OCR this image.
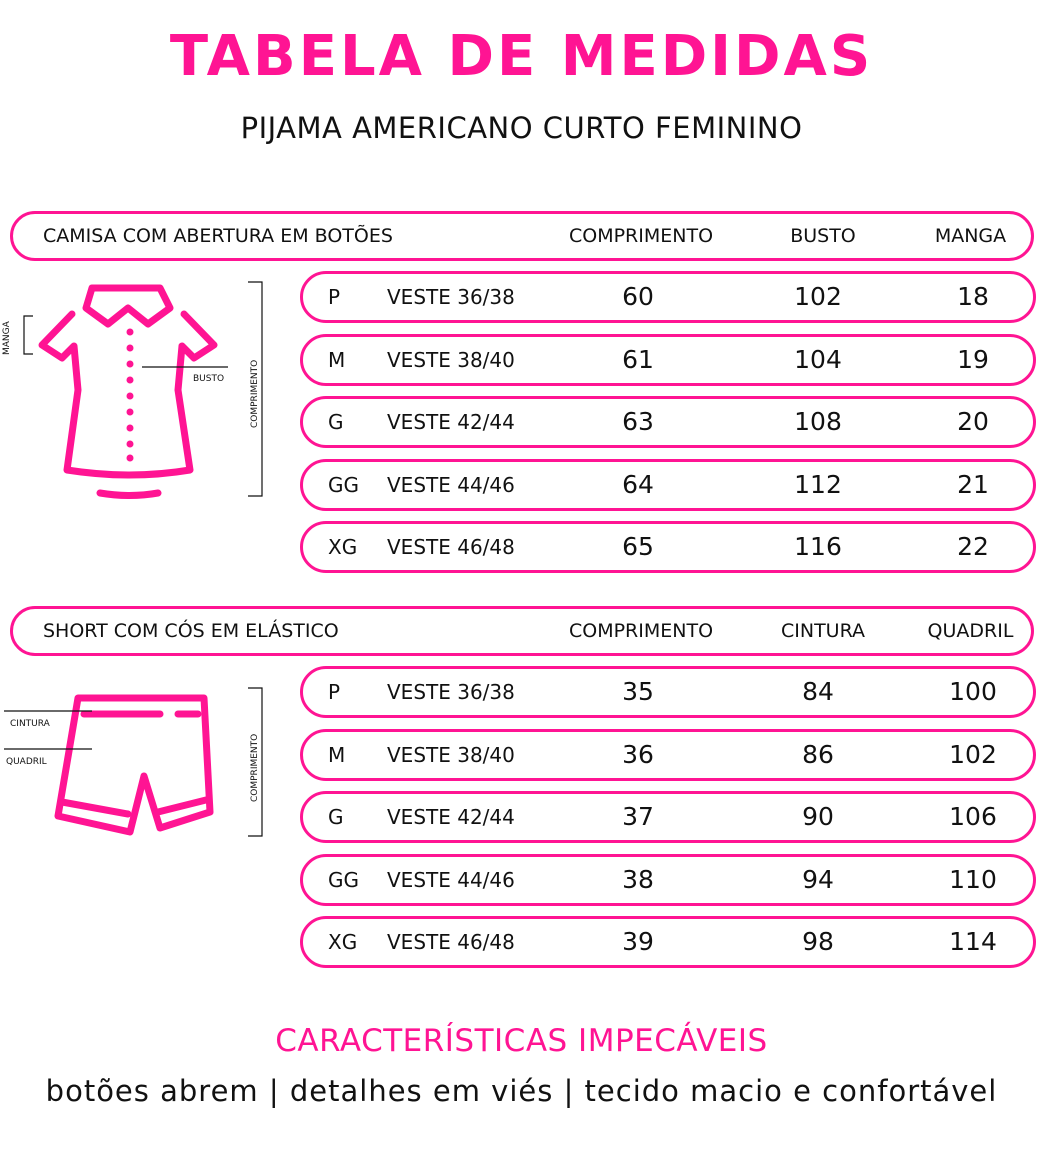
TABELA DE MEDIDAS
PIJAMA AMERICANO CURTO FEMININO
CAMISA COM ABERTURA EM BOTÕES	COMPRIMENTO	BUSTO	MANGA
MANGA
BUSTO	COMPRIMENTO
P VESTE 36/38	60	102	18
M VESTE 38/40	61	104	19
G VESTE 42/44	63	108	20
GG VESTE 44/46	64	112	21
XG VESTE 46/48	65	116	22
SHORT COM CÓS EM ELÁSTICO	COMPRIMENTO	CINTURA	QUADRIL
CINTURA
QUADRIL	COMPRIMENTO
P VESTE 36/38	35	84	100
M VESTE 38/40	36	86	102
G VESTE 42/44	37	90	106
GG VESTE 44/46	38	94	110
XG VESTE 46/48	39	98	114
CARACTERÍSTICAS IMPECÁVEIS
botões abrem | detalhes em viés | tecido macio e confortável
